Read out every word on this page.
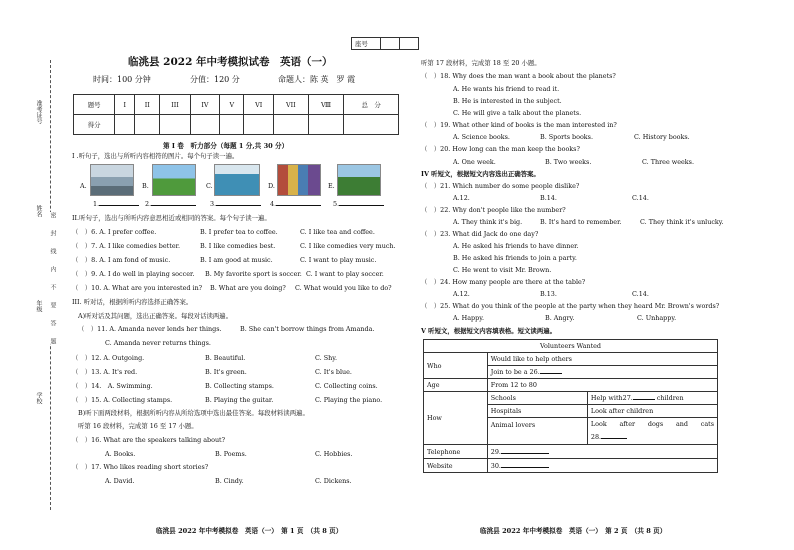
准考证号
姓名
密　　封　　线　　内　　不　　要　　答　　题
年级
学校
座号		
临洮县 2022 年中考模拟试卷　英语（一）
时间：100 分钟	分值：120 分	命题人：陈 英　罗 霞
题号	I	II	III	IV	V	VI	VII	Ⅷ	总　分
得分									
第 Ⅰ 卷　听力部分（每题 1 分,共 30 分）
I .听句子，选出与所听内容相符的图片。每个句子读一遍。
A.	B.	C.	D.	E.
1.	2.	3.	4.	5.
II.听句子，选出与所听内容意思相近或相同的答案。每个句子读一遍。
（　）6. A. I prefer coffee.	B. I prefer tea to coffee.	C. I like tea and coffee.
（　）7. A. I like comedies better.	B. I like comedies best.	C. I like comedies very much.
（　）8. A. I am fond of music.	B. I am good at music.	C. I want to play music.
（　）9. A. I do well in playing soccer. B. My favorite sport is soccer. C. I want to play soccer.
（　）10. A. What are you interested in? B. What are you doing? C. What would you like to do?
III. 听对话，根据所听内容选择正确答案。
A)听对话及其问题，选出正确答案。每段对话读两遍。
（　）11. A. Amanda never lends her things.	B. She can't borrow things from Amanda.
C. Amanda never returns things.
（　）12. A. Outgoing.	B. Beautiful.	C. Shy.
（　）13. A. It's red.	B. It's green.	C. It's blue.
（　）14.　A. Swimming.	B. Collecting stamps.	C. Collecting coins.
（　）15. A. Collecting stamps.	B. Playing the guitar.	C. Playing the piano.
B)听下面两段材料，根据所听内容从所给选项中选出最佳答案。每段材料读两遍。
听第 16 段材料，完成第 16 至 17 小题。
（　）16. What are the speakers talking about?
A. Books.	B. Poems.	C. Hobbies.
（　）17. Who likes reading short stories?
A. David.	B. Cindy.	C. Dickens.
临洮县 2022 年中考模拟卷　英语（一）　第 1 页　（共 8 页）
听第 17 段材料，完成第 18 至 20 小题。
（　）18. Why does the man want a book about the planets?
A. He wants his friend to read it.
B. He is interested in the subject.
C. He will give a talk about the planets.
（　）19. What other kind of books is the man interested in?
A. Science books.	B. Sports books.	C. History books.
（　）20. How long can the man keep the books?
A. One week.	B. Two weeks.	C. Three weeks.
IV 听短文，根据短文内容选出正确答案。
（　）21. Which number do some people dislike?
A.12.	B.14.	C.14.
（　）22. Why don't people like the number?
A. They think it's big.	B. It's hard to remember.	C. They think it's unlucky.
（　）23. What did Jack do one day?
A. He asked his friends to have dinner.
B. He asked his friends to join a party.
C. He went to visit Mr. Brown.
（　）24. How many people are there at the table?
A.12.	B.13.	C.14.
（　）25. What do you think of the people at the party when they heard Mr. Brown's words?
A. Happy.	B. Angry.	C. Unhappy.
V 听短文，根据短文内容填表格。短文读两遍。
Volunteers Wanted		
Who	Would like to help others	
	Join to be a 26.	
Age	From 12 to 80	
How	Schools	Help with27. children
	Hospitals	Look after children
	Animal lovers	Look　　after　　dogs　　and　　cats
28.

Telephone	29.	
Website	30.	
临洮县 2022 年中考模拟卷　英语（一）　第 2 页　（共 8 页）
